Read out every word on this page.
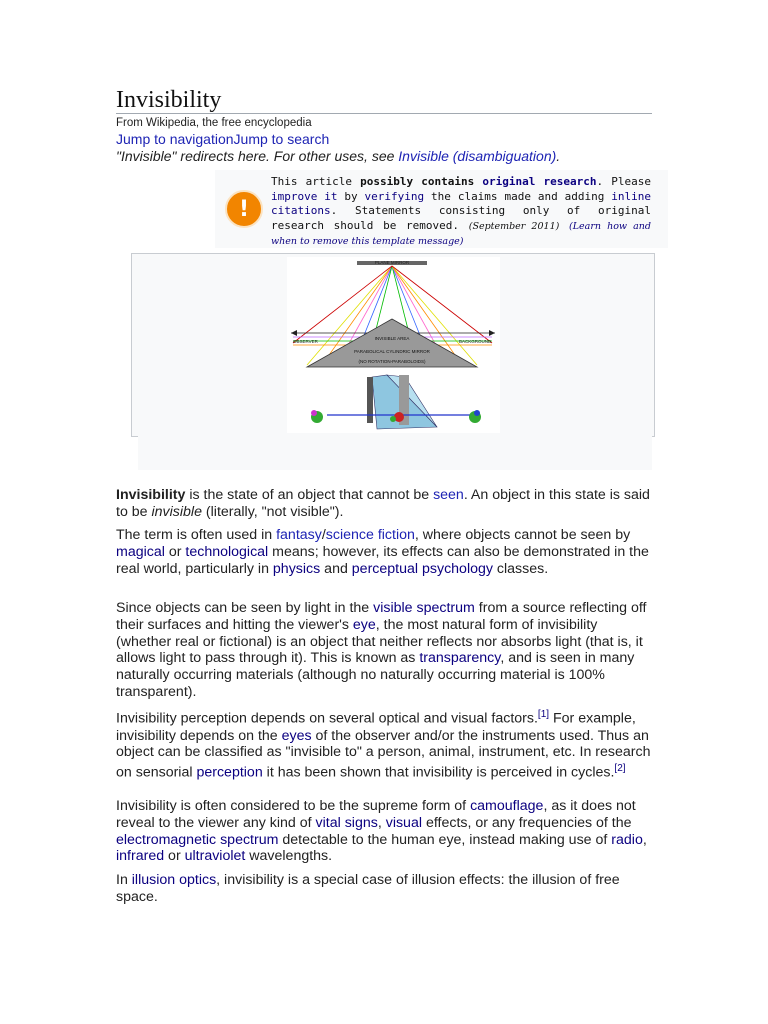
Invisibility
From Wikipedia, the free encyclopedia
Jump to navigationJump to search
"Invisible" redirects here. For other uses, see Invisible (disambiguation).
!
This article possibly contains original research. Please improve it by verifying the claims made and adding inline citations. Statements consisting only of original research should be removed. (September 2011) (Learn how and when to remove this template message)
PLANE MIRROR
OBSERVER	BACKGROUND
INVISIBLE AREA
PARABOLICAL CYLINDRIC MIRROR
(NO ROTATION-PARABOLOIDS)

Invisibility is the state of an object that cannot be seen. An object in this state is said to be invisible (literally, "not visible").

The term is often used in fantasy/science fiction, where objects cannot be seen by magical or technological means; however, its effects can also be demonstrated in the real world, particularly in physics and perceptual psychology classes.

Since objects can be seen by light in the visible spectrum from a source reflecting off their surfaces and hitting the viewer's eye, the most natural form of invisibility (whether real or fictional) is an object that neither reflects nor absorbs light (that is, it allows light to pass through it). This is known as transparency, and is seen in many naturally occurring materials (although no naturally occurring material is 100% transparent).

Invisibility perception depends on several optical and visual factors.[1] For example, invisibility depends on the eyes of the observer and/or the instruments used. Thus an object can be classified as "invisible to" a person, animal, instrument, etc. In research on sensorial perception it has been shown that invisibility is perceived in cycles.[2]

Invisibility is often considered to be the supreme form of camouflage, as it does not reveal to the viewer any kind of vital signs, visual effects, or any frequencies of the electromagnetic spectrum detectable to the human eye, instead making use of radio, infrared or ultraviolet wavelengths.

In illusion optics, invisibility is a special case of illusion effects: the illusion of free space.
